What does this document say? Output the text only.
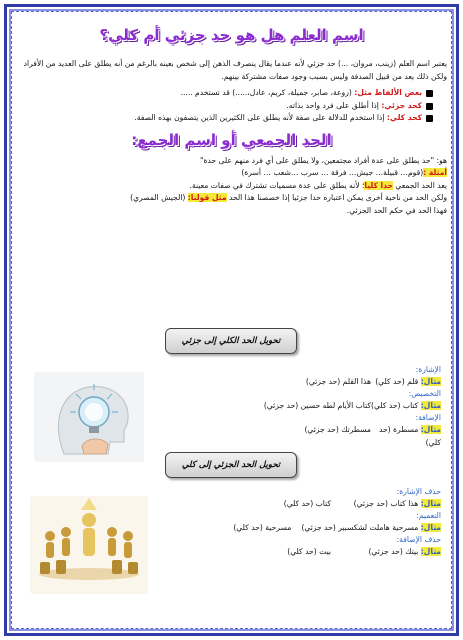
اسم العلم هل هو حد جزئي أم كلي؟
يعتبر اسم العلم (زينب، مروان، ...) حد جزئي لأنه عندما يقال ينصرف الذهن إلى شخص بعينه بالرغم من أنه يطلق على العديد من الأفراد ولكن ذلك يعد من قبيل الصدفة وليس بسبب وجود صفات مشتركة بينهم.
بعض الألفاظ مثل: (روعة، صابر، جميلة، كريم، عادل،.....) قد تستخدم .....
كحد جزئي: إذا أطلق على فرد واحد بذاته.
كحد كلي: إذا استخدم للدلالة على صفة لأنه يطلق على الكثيرين الذين يتصفون بهذه الصفة.
الحد الجمعي أو اسم الجمع:
هو: "حد يطلق على عدة أفراد مجتمعين، ولا يطلق على أي فرد منهم على حدة"
أمثلة :(قوم… قبيلة… جيش… فرقة … سرب …شعب … أسرة)
يعد الحد الجمعي حدا كليا؛ لأنه يطلق على عدة مسميات تشترك في صفات معينة.
ولكن الحد من ناحية أخرى يمكن اعتباره حدا جزئيا إذا خصصنا هذا الحد مثل قولنا: (الجيش المصري)
فهذا الحد في حكم الحد الجزئي.
تحويل الحد الكلي إلى جزئي
الإشارة:
مثال: قلم (حد كلي)
هذا القلم (حد جزئي)
التخصيص:
مثال: كتاب (حد كلي)
كتاب الأيام لطه حسين (حد جزئي)
الإضافة:
مثال: مسطرة (حد كلي)
مسطرتك (حد جزئي)
تحويل الحد الجزئي إلى كلي
حذف الإشارة:
مثال: هذا كتاب (حد جزئي)
كتاب (حد كلي)
التعميم:
مثال: مسرحية هاملت لشكسبير (حد جزئي)
مسرحية (حد كلي)
حذف الإضافة:
مثال: بيتك (حد جزئي)
بيت (حد كلي)
